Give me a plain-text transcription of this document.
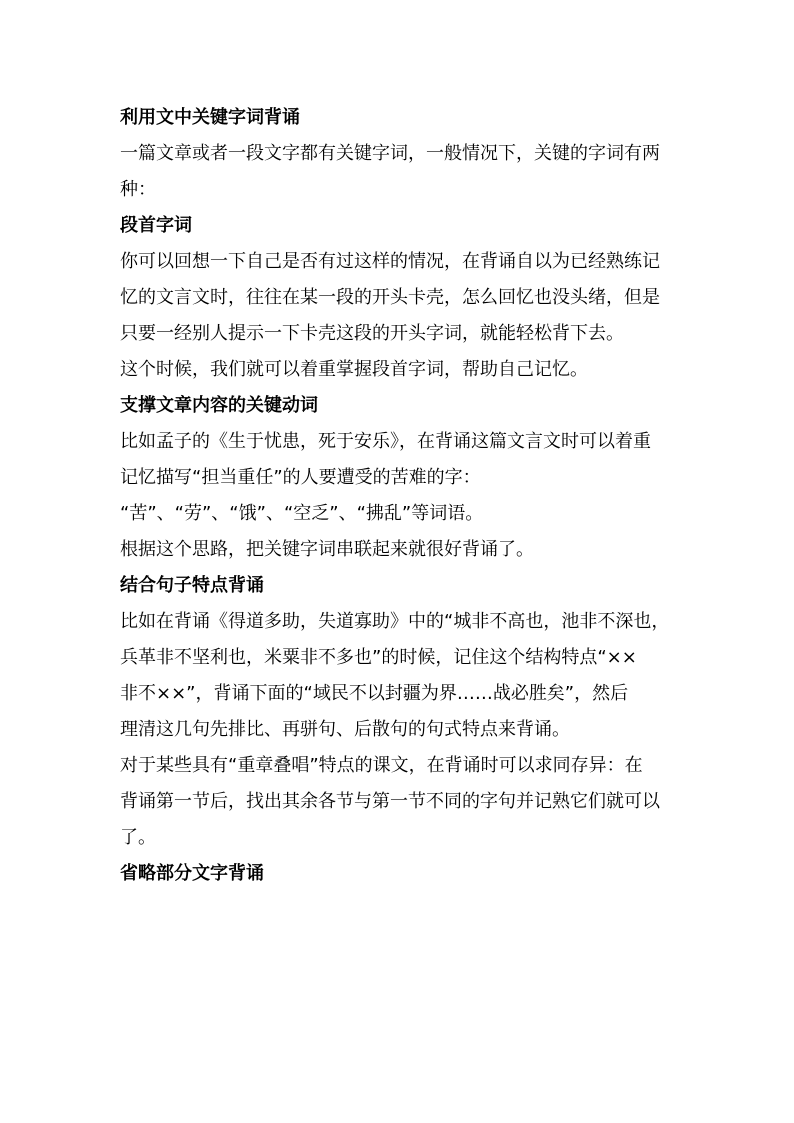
利用文中关键字词背诵
一篇文章或者一段文字都有关键字词，一般情况下，关键的字词有两
种：
段首字词
你可以回想一下自己是否有过这样的情况，在背诵自以为已经熟练记
忆的文言文时，往往在某一段的开头卡壳，怎么回忆也没头绪，但是
只要一经别人提示一下卡壳这段的开头字词，就能轻松背下去。
这个时候，我们就可以着重掌握段首字词，帮助自己记忆。
支撑文章内容的关键动词
比如孟子的《生于忧患，死于安乐》，在背诵这篇文言文时可以着重
记忆描写“担当重任”的人要遭受的苦难的字：
“苦”、“劳”、“饿”、“空乏”、“拂乱”等词语。
根据这个思路，把关键字词串联起来就很好背诵了。
结合句子特点背诵
比如在背诵《得道多助，失道寡助》中的“城非不高也，池非不深也，
兵革非不坚利也，米粟非不多也”的时候，记住这个结构特点“××
非不××”，背诵下面的“域民不以封疆为界……战必胜矣”，然后
理清这几句先排比、再骈句、后散句的句式特点来背诵。
对于某些具有“重章叠唱”特点的课文，在背诵时可以求同存异：在
背诵第一节后，找出其余各节与第一节不同的字句并记熟它们就可以
了。
省略部分文字背诵
